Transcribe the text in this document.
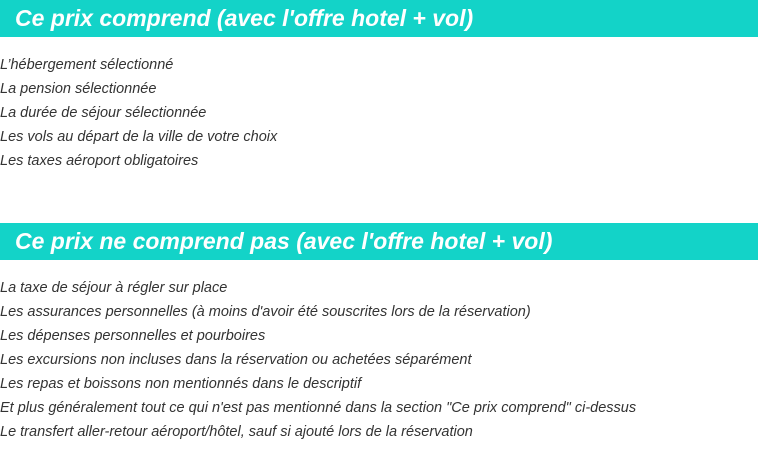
Ce prix comprend (avec l'offre hotel + vol)
L’hébergement sélectionné
La pension sélectionnée
La durée de séjour sélectionnée
Les vols au départ de la ville de votre choix
Les taxes aéroport obligatoires
Ce prix ne comprend pas (avec l'offre hotel + vol)
La taxe de séjour à régler sur place
Les assurances personnelles (à moins d'avoir été souscrites lors de la réservation)
Les dépenses personnelles et pourboires
Les excursions non incluses dans la réservation ou achetées séparément
Les repas et boissons non mentionnés dans le descriptif
Et plus généralement tout ce qui n'est pas mentionné dans la section "Ce prix comprend" ci-dessus
Le transfert aller-retour aéroport/hôtel, sauf si ajouté lors de la réservation
